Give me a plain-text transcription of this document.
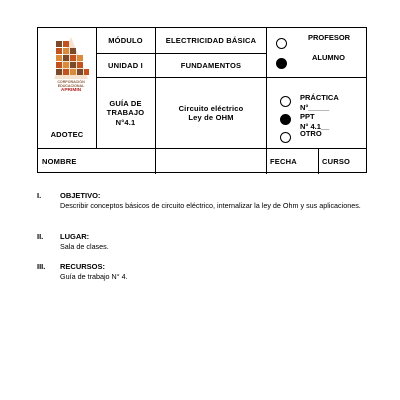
CORPORACIÓN
EDUCACIONAL
APRIMIN
ADOTEC
MÓDULO	ELECTRICIDAD BÁSICA
UNIDAD I	FUNDAMENTOS
GUÍA DE
TRABAJO
N°4.1
Circuito eléctrico
Ley de OHM
PROFESOR
ALUMNO
PRÁCTICA
N°_____
PPT
N° 4.1__
OTRO
NOMBRE	FECHA	CURSO
I.	OBJETIVO:
Describir conceptos básicos de circuito eléctrico, internalizar la ley de Ohm y sus aplicaciones.
II. LUGAR:
Sala de clases.
III. RECURSOS:
Guía de trabajo N° 4.
